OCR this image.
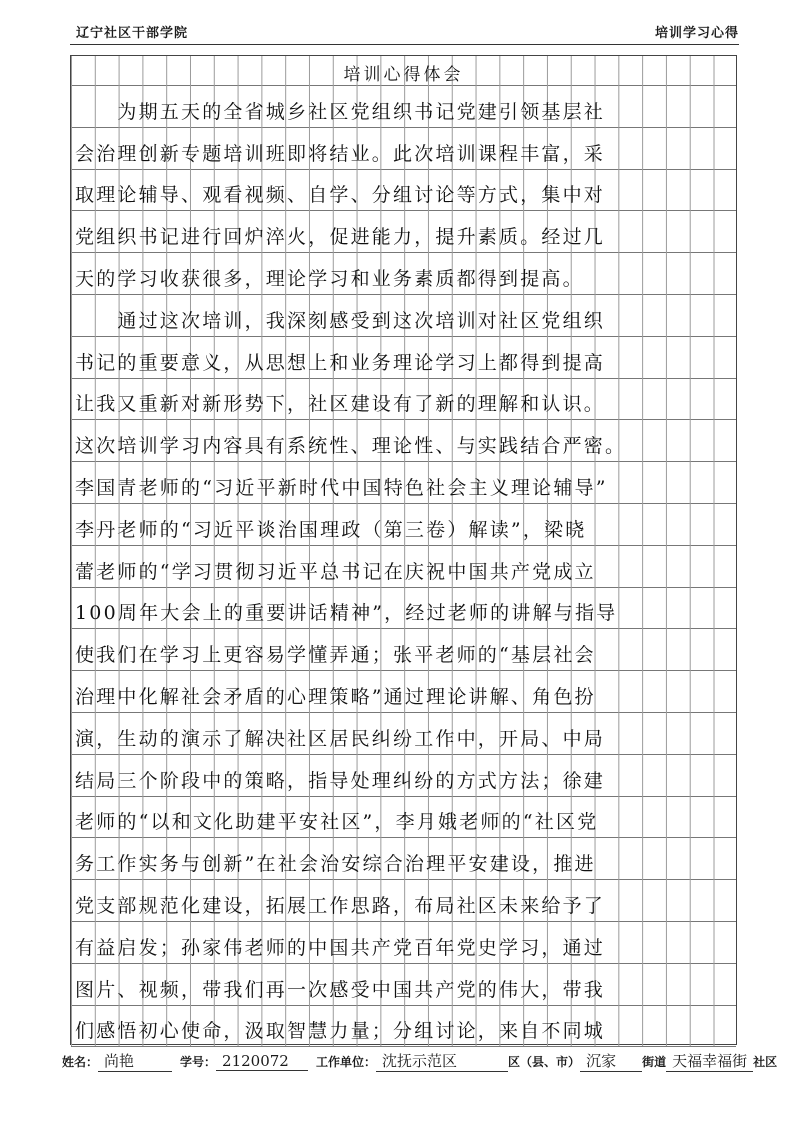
辽宁社区干部学院	培训学习心得
培训心得体会
　　为期五天的全省城乡社区党组织书记党建引领基层社
会治理创新专题培训班即将结业。此次培训课程丰富，采
取理论辅导、观看视频、自学、分组讨论等方式，集中对
党组织书记进行回炉淬火，促进能力，提升素质。经过几
天的学习收获很多，理论学习和业务素质都得到提高。
　　通过这次培训，我深刻感受到这次培训对社区党组织
书记的重要意义，从思想上和业务理论学习上都得到提高
让我又重新对新形势下，社区建设有了新的理解和认识。
这次培训学习内容具有系统性、理论性、与实践结合严密。
李国青老师的“习近平新时代中国特色社会主义理论辅导”
李丹老师的“习近平谈治国理政（第三卷）解读”，梁晓
蕾老师的“学习贯彻习近平总书记在庆祝中国共产党成立
100周年大会上的重要讲话精神”，经过老师的讲解与指导
使我们在学习上更容易学懂弄通；张平老师的“基层社会
治理中化解社会矛盾的心理策略”通过理论讲解、角色扮
演，生动的演示了解决社区居民纠纷工作中，开局、中局
结局三个阶段中的策略，指导处理纠纷的方式方法；徐建
老师的“以和文化助建平安社区”，李月娥老师的“社区党
务工作实务与创新”在社会治安综合治理平安建设，推进
党支部规范化建设，拓展工作思路，布局社区未来给予了
有益启发；孙家伟老师的中国共产党百年党史学习，通过
图片、视频，带我们再一次感受中国共产党的伟大，带我
们感悟初心使命，汲取智慧力量；分组讨论，来自不同城
姓名： 尚艳	学号： 2120072 工作单位： 沈抚示范区	区（县、市） 沉家 街道 天福幸福街 社区
